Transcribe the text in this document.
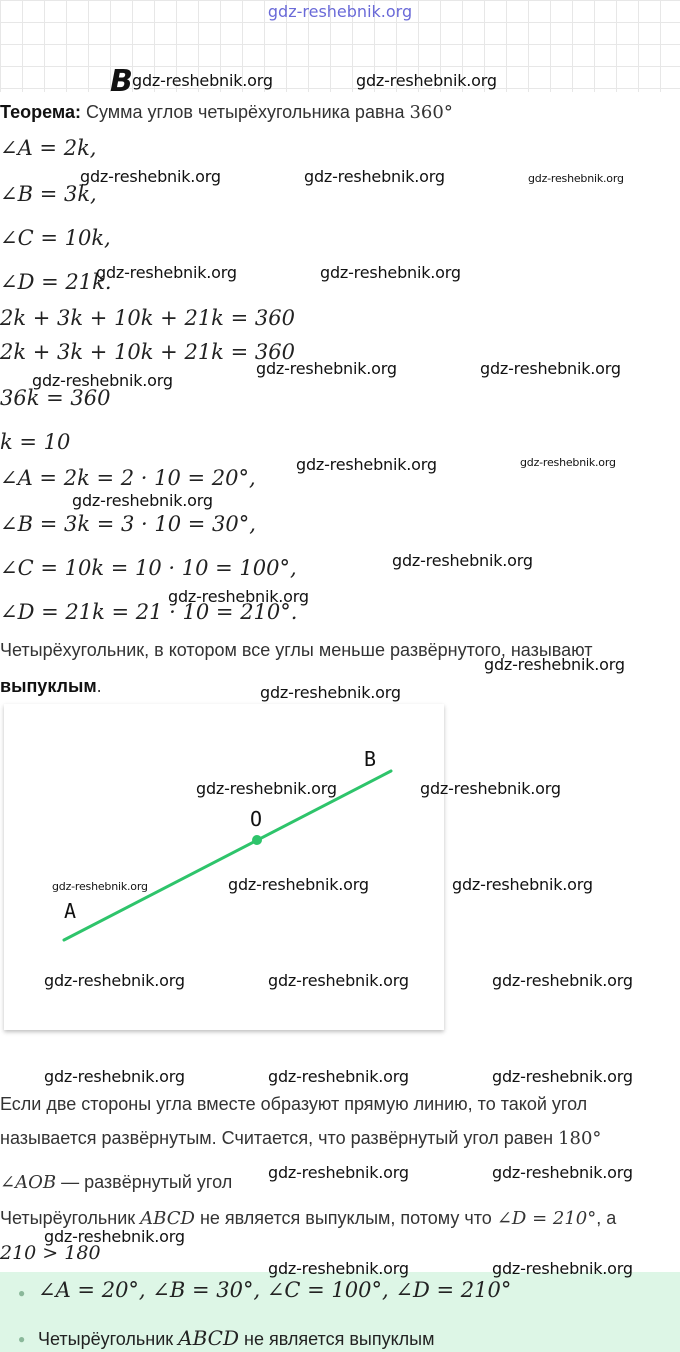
gdz-reshebnik.org
B
Теорема: Сумма углов четырёхугольника равна 360°
∠A = 2k,
∠B = 3k,
∠C = 10k,
∠D = 21k.
2k + 3k + 10k + 21k = 360
2k + 3k + 10k + 21k = 360
36k = 360
k = 10
∠A = 2k = 2 · 10 = 20°,
∠B = 3k = 3 · 10 = 30°,
∠C = 10k = 10 · 10 = 100°,
∠D = 21k = 21 · 10 = 210°.
Четырёхугольник, в котором все углы меньше развёрнутого, называют
выпуклым.
A
O
B
Если две стороны угла вместе образуют прямую линию, то такой угол
называется развёрнутым. Считается, что развёрнутый угол равен 180°
∠AOB — развёрнутый угол
Четырёугольник ABCD не является выпуклым, потому что ∠D = 210°, а
210 > 180
● ∠A = 20°, ∠B = 30°, ∠C = 100°, ∠D = 210°
● Четырёугольник ABCD не является выпуклым
gdz-reshebnik.org	gdz-reshebnik.org
gdz-reshebnik.org	gdz-reshebnik.org	gdz-reshebnik.org
gdz-reshebnik.org	gdz-reshebnik.org
gdz-reshebnik.org	gdz-reshebnik.org
gdz-reshebnik.org
gdz-reshebnik.org	gdz-reshebnik.org
gdz-reshebnik.org
gdz-reshebnik.org
gdz-reshebnik.org
gdz-reshebnik.org
gdz-reshebnik.org
gdz-reshebnik.org	gdz-reshebnik.org
gdz-reshebnik.org	gdz-reshebnik.org	gdz-reshebnik.org
gdz-reshebnik.org	gdz-reshebnik.org	gdz-reshebnik.org
gdz-reshebnik.org	gdz-reshebnik.org	gdz-reshebnik.org
gdz-reshebnik.org	gdz-reshebnik.org
gdz-reshebnik.org
gdz-reshebnik.org	gdz-reshebnik.org
